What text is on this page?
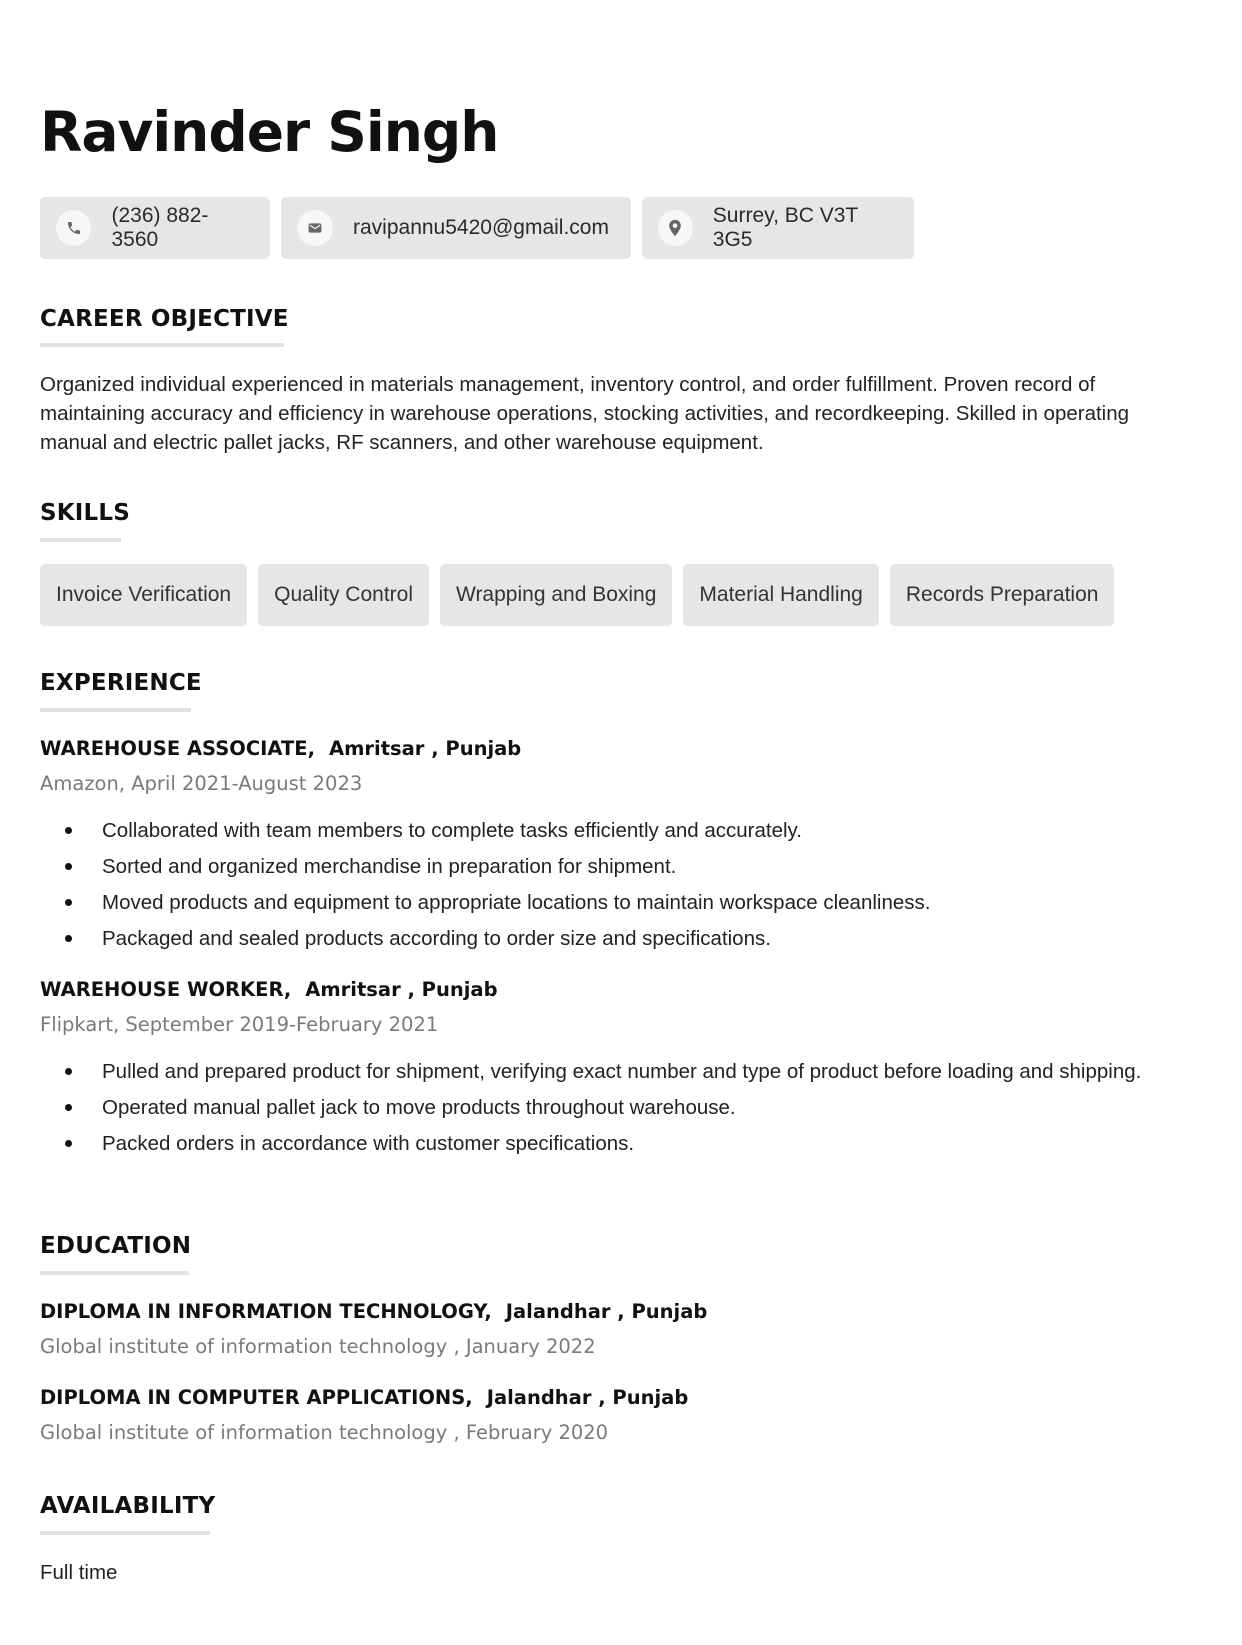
Ravinder Singh
(236) 882-3560
ravipannu5420@gmail.com
Surrey, BC V3T 3G5
CAREER OBJECTIVE

Organized individual experienced in materials management, inventory control, and order fulfillment. Proven record of maintaining accuracy and efficiency in warehouse operations, stocking activities, and recordkeeping. Skilled in operating manual and electric pallet jacks, RF scanners, and other warehouse equipment.

SKILLS
Invoice Verification	Quality Control	Wrapping and Boxing	Material Handling	Records Preparation
EXPERIENCE
WAREHOUSE ASSOCIATE, Amritsar , Punjab
Amazon, April 2021-August 2023
Collaborated with team members to complete tasks efficiently and accurately.
Sorted and organized merchandise in preparation for shipment.
Moved products and equipment to appropriate locations to maintain workspace cleanliness.
Packaged and sealed products according to order size and specifications.
WAREHOUSE WORKER, Amritsar , Punjab
Flipkart, September 2019-February 2021
Pulled and prepared product for shipment, verifying exact number and type of product before loading and shipping.
Operated manual pallet jack to move products throughout warehouse.
Packed orders in accordance with customer specifications.
EDUCATION
DIPLOMA IN INFORMATION TECHNOLOGY, Jalandhar , Punjab
Global institute of information technology , January 2022
DIPLOMA IN COMPUTER APPLICATIONS, Jalandhar , Punjab
Global institute of information technology , February 2020
AVAILABILITY

Full time
